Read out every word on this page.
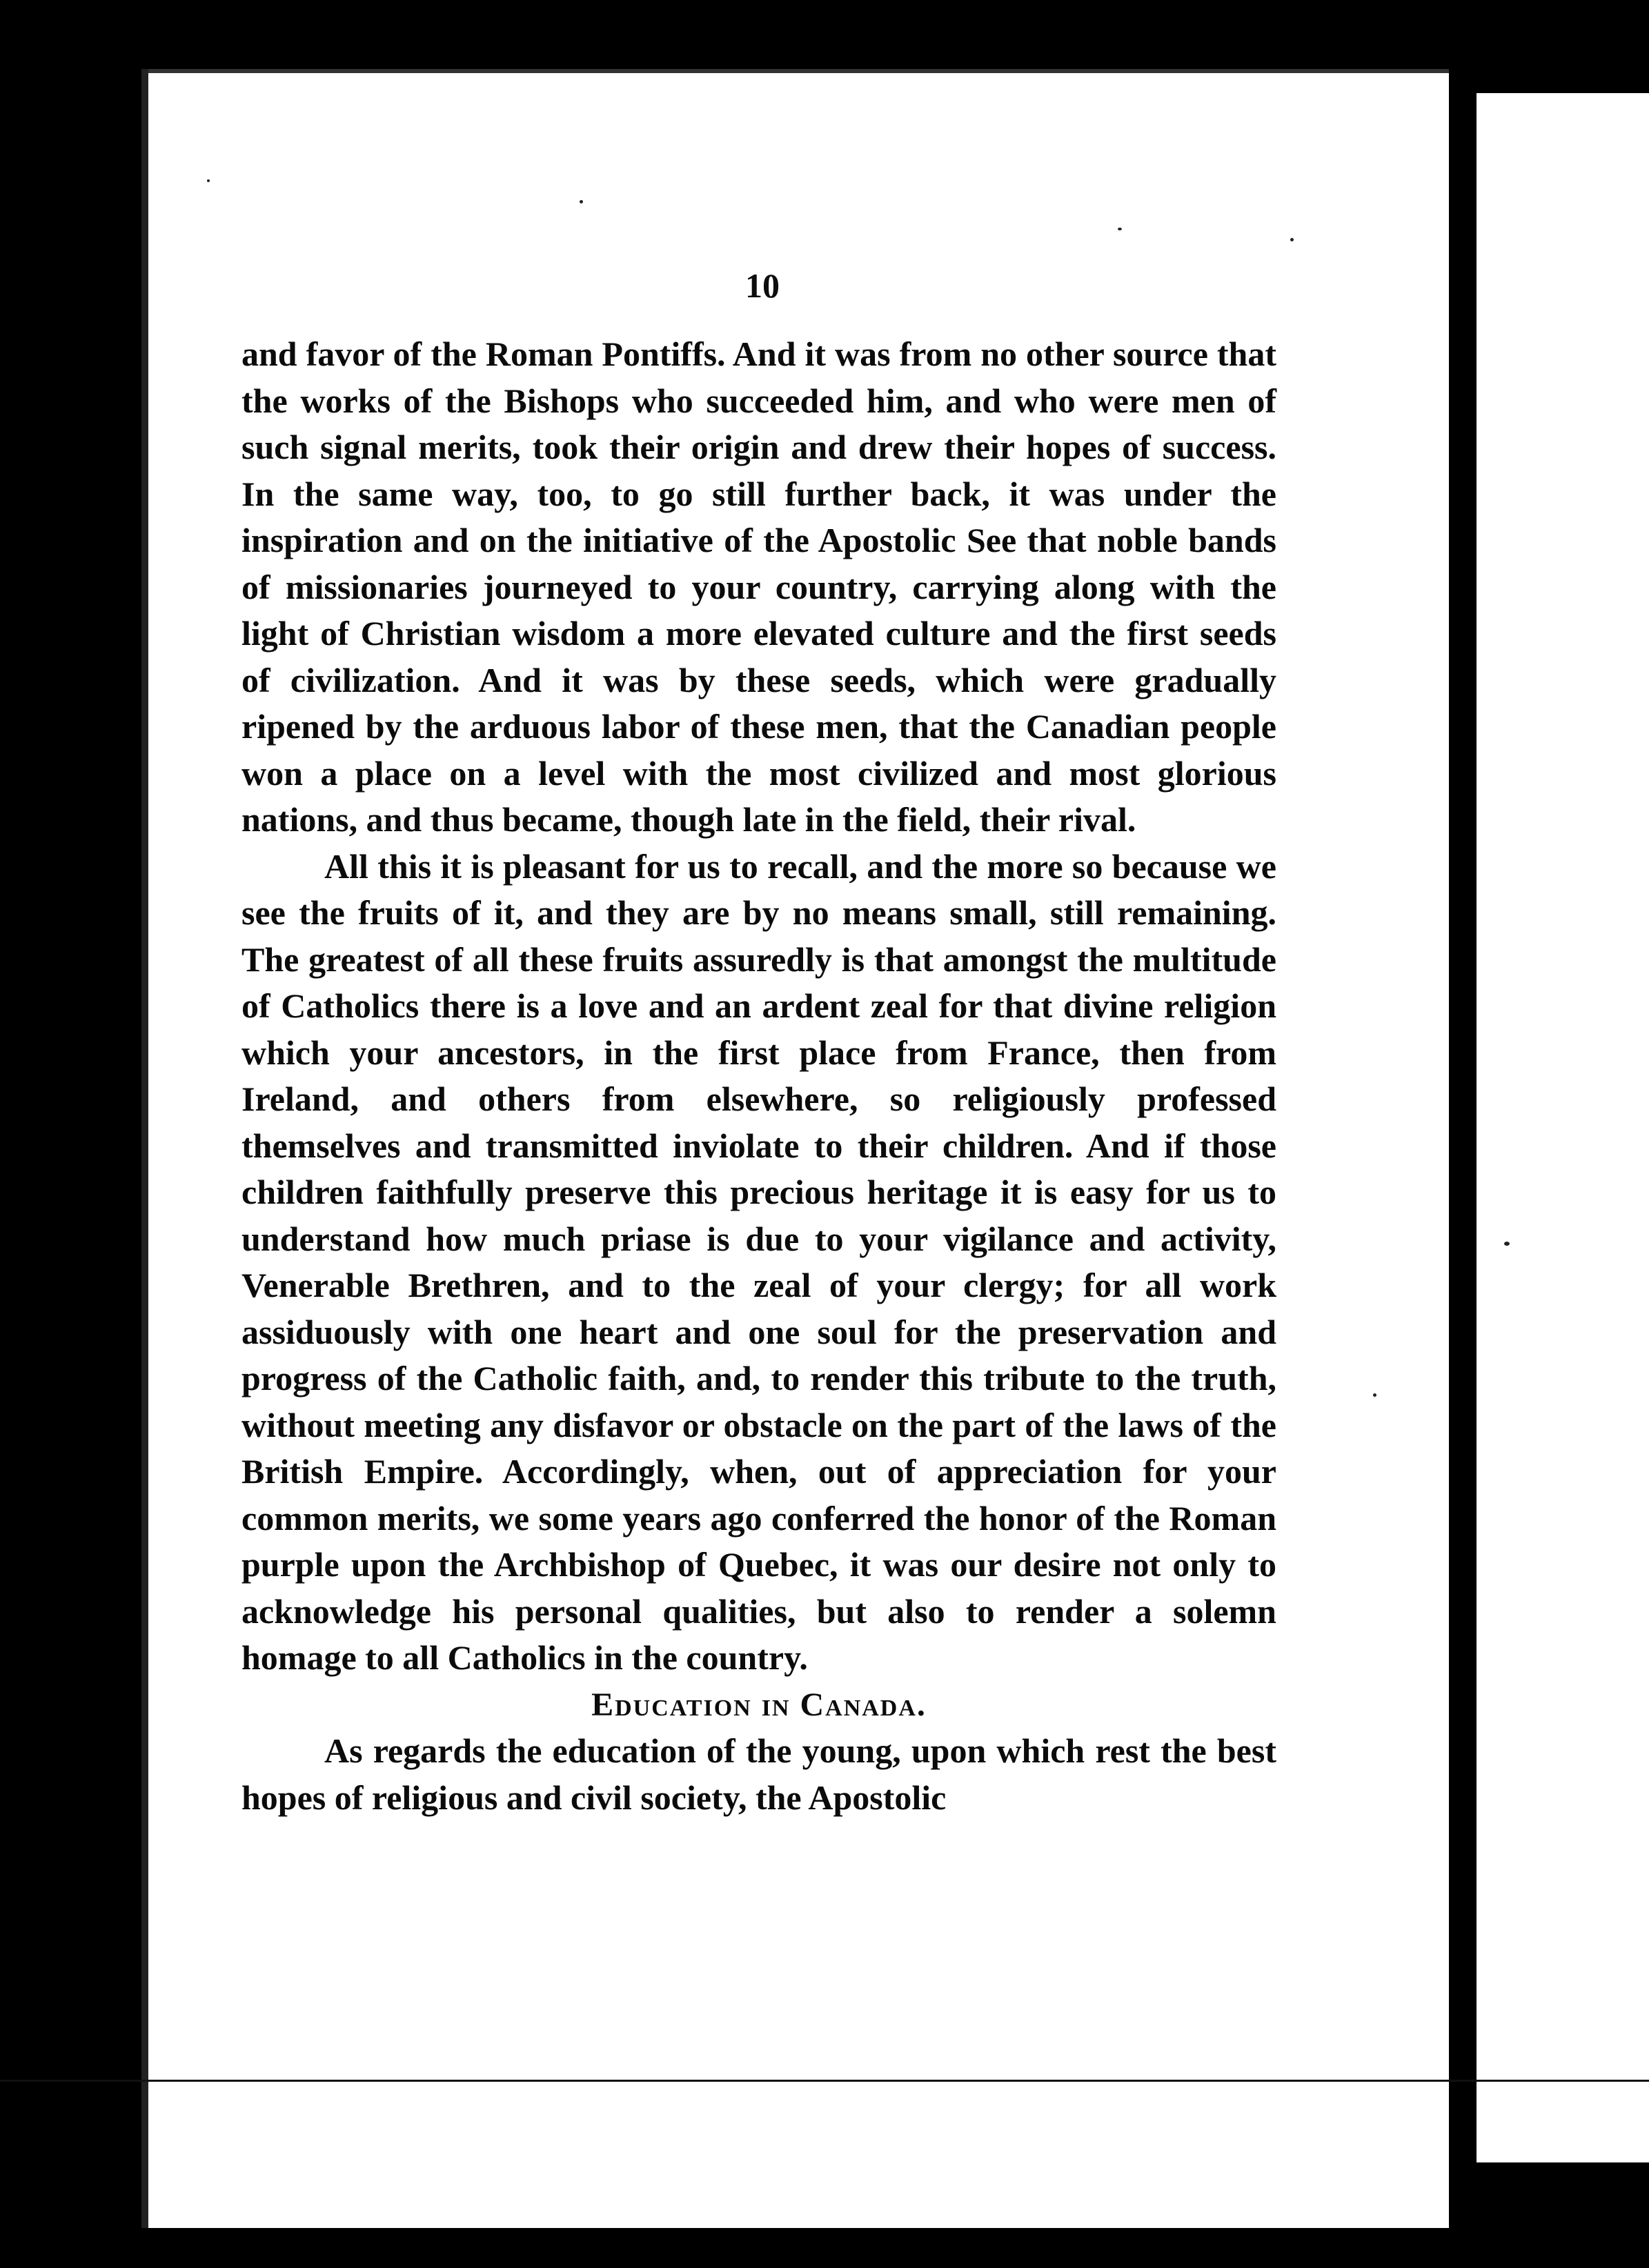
10

and favor of the Roman Pontiffs. And it was from no other source that the works of the Bishops who succeeded him, and who were men of such signal merits, took their origin and drew their hopes of success. In the same way, too, to go still further back, it was under the inspiration and on the initiative of the Apostolic See that noble bands of missionaries journeyed to your country, carrying along with the light of Christian wisdom a more elevated culture and the first seeds of civilization. And it was by these seeds, which were gradually ripened by the arduous labor of these men, that the Canadian people won a place on a level with the most civilized and most glorious nations, and thus became, though late in the field, their rival.

All this it is pleasant for us to recall, and the more so because we see the fruits of it, and they are by no means small, still remaining. The greatest of all these fruits assuredly is that amongst the multitude of Catholics there is a love and an ardent zeal for that divine religion which your ancestors, in the first place from France, then from Ireland, and others from elsewhere, so religiously professed themselves and transmitted inviolate to their children. And if those children faithfully preserve this precious heritage it is easy for us to understand how much priase is due to your vigilance and activity, Venerable Brethren, and to the zeal of your clergy; for all work assiduously with one heart and one soul for the preservation and progress of the Catholic faith, and, to render this tribute to the truth, without meeting any disfavor or obstacle on the part of the laws of the British Empire. Accordingly, when, out of appreciation for your common merits, we some years ago conferred the honor of the Roman purple upon the Archbishop of Quebec, it was our desire not only to acknowledge his personal qualities, but also to render a solemn homage to all Catholics in the country.

Education in Canada.

As regards the education of the young, upon which rest the best hopes of religious and civil society, the Apostolic
